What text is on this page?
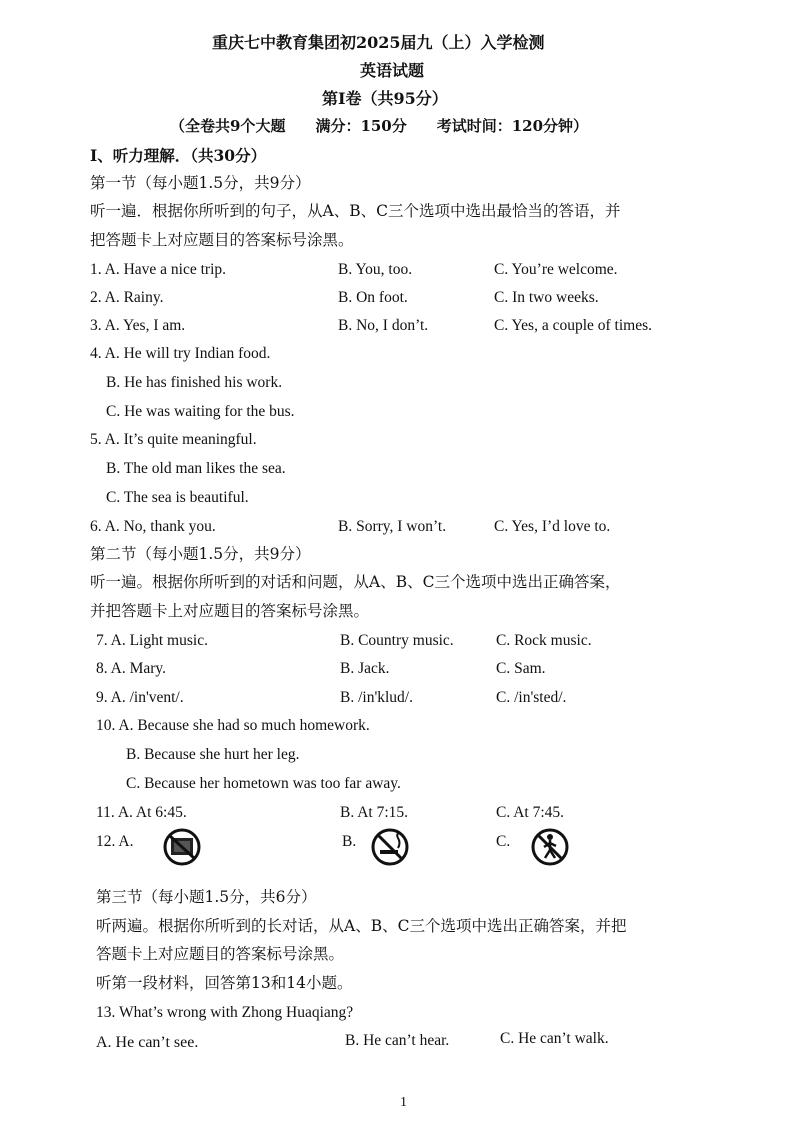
重庆七中教育集团初2025届九（上）入学检测
英语试题
第Ⅰ卷（共95分）
（全卷共9个大题　　满分：150分　　考试时间：120分钟）
Ⅰ、听力理解．（共30分）
第一节（每小题1.5分，共9分）
听一遍．根据你所听到的句子，从A、B、C三个选项中选出最恰当的答语，并
把答题卡上对应题目的答案标号涂黑。
1. A. Have a nice trip.	B. You, too.	C. You’re welcome.
2. A. Rainy.	B. On foot.	C. In two weeks.
3. A. Yes, I am.	B. No, I don’t.	C. Yes, a couple of times.
4. A. He will try Indian food.
B. He has finished his work.
C. He was waiting for the bus.
5. A. It’s quite meaningful.
B. The old man likes the sea.
C. The sea is beautiful.
6. A. No, thank you.	B. Sorry, I won’t.	C. Yes, I’d love to.
第二节（每小题1.5分，共9分）
听一遍。根据你所听到的对话和问题，从A、B、C三个选项中选出正确答案，
并把答题卡上对应题目的答案标号涂黑。
7. A. Light music.	B. Country music.	C. Rock music.
8. A. Mary.	B. Jack.	C. Sam.
9. A. /in'vent/.	B. /in'klud/.	C. /in'sted/.
10. A. Because she had so much homework.
B. Because she hurt her leg.
C. Because her hometown was too far away.
11. A. At 6:45.	B. At 7:15.	C. At 7:45.
12. A.	B.	C.
第三节（每小题1.5分，共6分）
听两遍。根据你所听到的长对话，从A、B、C三个选项中选出正确答案，并把
答题卡上对应题目的答案标号涂黑。
听第一段材料，回答第13和14小题。
13. What’s wrong with Zhong Huaqiang?
A. He can’t see.	B. He can’t hear.	C. He can’t walk.
1
